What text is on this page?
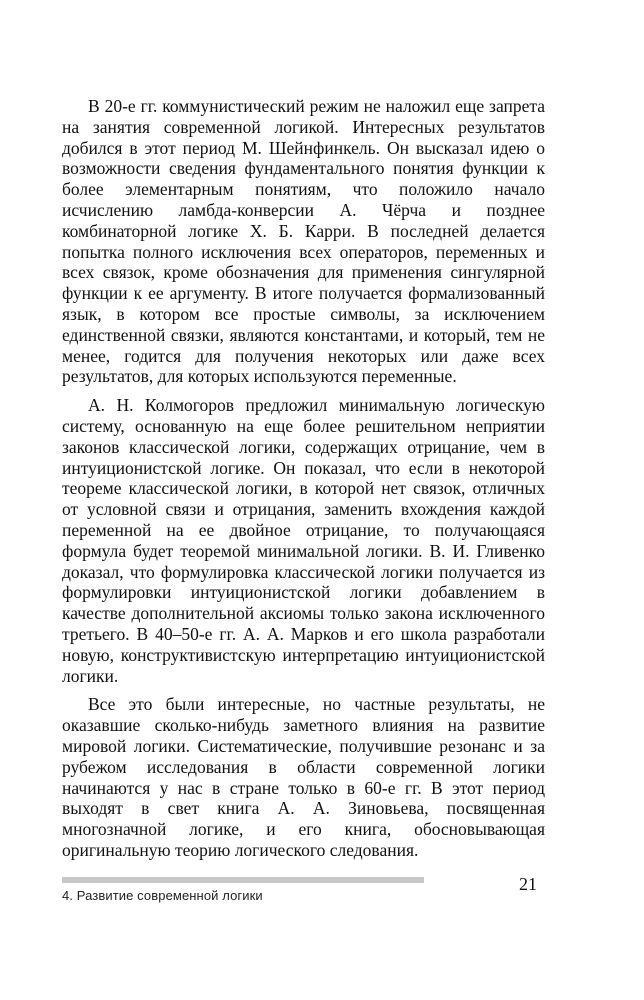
В 20-е гг. коммунистический режим не наложил еще запрета на занятия современной логикой. Интересных результатов добился в этот период М. Шейнфинкель. Он высказал идею о возможности сведения фундаментального понятия функции к более элементарным понятиям, что положило начало исчислению ламбда-конверсии А. Чёрча и позднее комбинаторной логике Х. Б. Карри. В последней делается попытка полного исключения всех операторов, переменных и всех связок, кроме обозначения для применения сингулярной функции к ее аргументу. В итоге получается формализованный язык, в котором все простые символы, за исключением единственной связки, являются константами, и который, тем не менее, годится для получения некоторых или даже всех результатов, для которых используются переменные.

А. Н. Колмогоров предложил минимальную логическую систему, основанную на еще более решительном неприятии законов классической логики, содержащих отрицание, чем в интуиционистской логике. Он показал, что если в некоторой теореме классической логики, в которой нет связок, отличных от условной связи и отрицания, заменить вхождения каждой переменной на ее двойное отрицание, то получающаяся формула будет теоремой минимальной логики. В. И. Гливенко доказал, что формулировка классической логики получается из формулировки интуиционистской логики добавлением в качестве дополнительной аксиомы только закона исключенного третьего. В 40–50-е гг. А. А. Марков и его школа разработали новую, конструктивистскую интерпретацию интуиционистской логики.

Все это были интересные, но частные результаты, не оказавшие сколько-нибудь заметного влияния на развитие мировой логики. Систематические, получившие резонанс и за рубежом исследования в области современной логики начинаются у нас в стране только в 60-е гг. В этот период выходят в свет книга А. А. Зиновьева, посвященная многозначной логике, и его книга, обосновывающая оригинальную теорию логического следования.

4. Развитие современной логики
21
